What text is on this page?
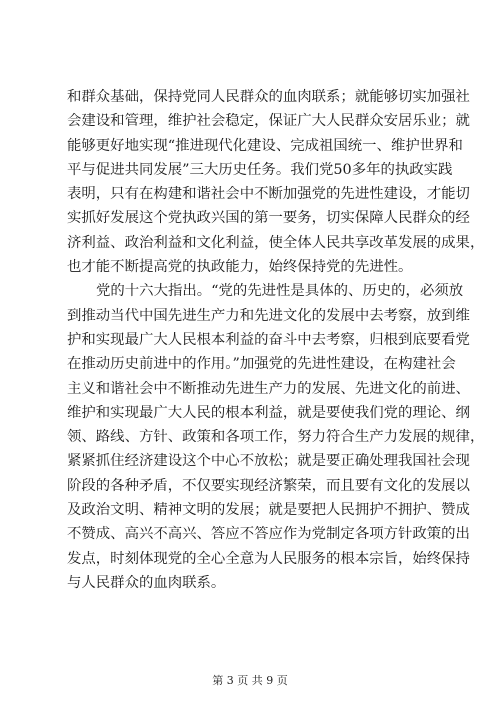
和群众基础，保持党同人民群众的血肉联系；就能够切实加强社
会建设和管理，维护社会稳定，保证广大人民群众安居乐业；就
能够更好地实现“推进现代化建设、完成祖国统一、维护世界和
平与促进共同发展”三大历史任务。我们党50多年的执政实践
表明，只有在构建和谐社会中不断加强党的先进性建设，才能切
实抓好发展这个党执政兴国的第一要务，切实保障人民群众的经
济利益、政治利益和文化利益，使全体人民共享改革发展的成果，
也才能不断提高党的执政能力，始终保持党的先进性。
党的十六大指出。“党的先进性是具体的、历史的，必须放
到推动当代中国先进生产力和先进文化的发展中去考察，放到维
护和实现最广大人民根本利益的奋斗中去考察，归根到底要看党
在推动历史前进中的作用。”加强党的先进性建设，在构建社会
主义和谐社会中不断推动先进生产力的发展、先进文化的前进、
维护和实现最广大人民的根本利益，就是要使我们党的理论、纲
领、路线、方针、政策和各项工作，努力符合生产力发展的规律，
紧紧抓住经济建设这个中心不放松；就是要正确处理我国社会现
阶段的各种矛盾，不仅要实现经济繁荣，而且要有文化的发展以
及政治文明、精神文明的发展；就是要把人民拥护不拥护、赞成
不赞成、高兴不高兴、答应不答应作为党制定各项方针政策的出
发点，时刻体现党的全心全意为人民服务的根本宗旨，始终保持
与人民群众的血肉联系。
第 3 页 共 9 页
